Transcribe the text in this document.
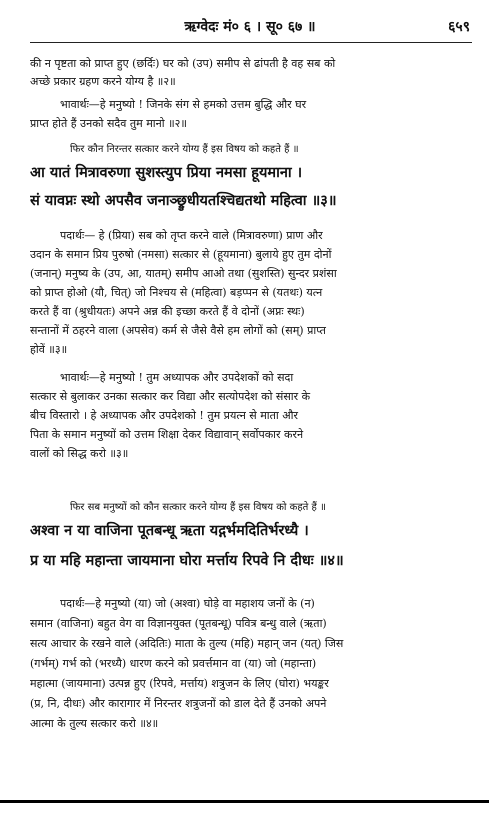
ऋग्वेदः मं० ६ । सू० ६७ ॥	६५९
की न पृष्टता को प्राप्त हुए (छर्दिः) घर को (उप) समीप से ढांपती है वह सब को
अच्छे प्रकार ग्रहण करने योग्य है ॥२॥
भावार्थः—हे मनुष्यो ! जिनके संग से हमको उत्तम बुद्धि और घर
प्राप्त होते हैं उनको सदैव तुम मानो ॥२॥
फिर कौन निरन्तर सत्कार करने योग्य हैं इस विषय को कहते हैं ॥
आ यातं मित्रावरुणा सुशस्त्युप प्रिया नमसा हूयमाना ।
सं यावप्नः स्थो अपसैव जनाञ्छ्रुधीयतश्चिद्यतथो महित्वा ॥३॥
पदार्थः— हे (प्रिया) सब को तृप्त करने वाले (मित्रावरुणा) प्राण और
उदान के समान प्रिय पुरुषो (नमसा) सत्कार से (हूयमाना) बुलाये हुए तुम दोनों
(जनान्) मनुष्य के (उप, आ, यातम्) समीप आओ तथा (सुशस्ति) सुन्दर प्रशंसा
को प्राप्त होओ (यौ, चित्) जो निश्चय से (महित्वा) बड़प्पन से (यतथः) यत्न
करते हैं वा (श्रुधीयतः) अपने अन्न की इच्छा करते हैं वे दोनों (अप्नः स्थः)
सन्तानों में ठहरने वाला (अपसेव) कर्म से जैसे वैसे हम लोगों को (सम्) प्राप्त
होवें ॥३॥
भावार्थः—हे मनुष्यो ! तुम अध्यापक और उपदेशकों को सदा
सत्कार से बुलाकर उनका सत्कार कर विद्या और सत्योपदेश को संसार के
बीच विस्तारो । हे अध्यापक और उपदेशको ! तुम प्रयत्न से माता और
पिता के समान मनुष्यों को उत्तम शिक्षा देकर विद्यावान् सर्वोपकार करने
वालों को सिद्ध करो ॥३॥
फिर सब मनुष्यों को कौन सत्कार करने योग्य हैं इस विषय को कहते हैं ॥
अश्वा न या वाजिना पूतबन्धू ऋता यद्गर्भमदितिर्भरध्यै ।
प्र या महि महान्ता जायमाना घोरा मर्त्ताय रिपवे नि दीधः ॥४॥
पदार्थः—हे मनुष्यो (या) जो (अश्वा) घोड़े वा महाशय जनों के (न)
समान (वाजिना) बहुत वेग वा विज्ञानयुक्त (पूतबन्धू) पवित्र बन्धु वाले (ऋता)
सत्य आचार के रखने वाले (अदितिः) माता के तुल्य (महि) महान् जन (यत्) जिस
(गर्भम्) गर्भ को (भरध्यै) धारण करने को प्रवर्त्तमान वा (या) जो (महान्ता)
महात्मा (जायमाना) उत्पन्न हुए (रिपवे, मर्त्ताय) शत्रुजन के लिए (घोरा) भयङ्कर
(प्र, नि, दीधः) और कारागार में निरन्तर शत्रुजनों को डाल देते हैं उनको अपने
आत्मा के तुल्य सत्कार करो ॥४॥
